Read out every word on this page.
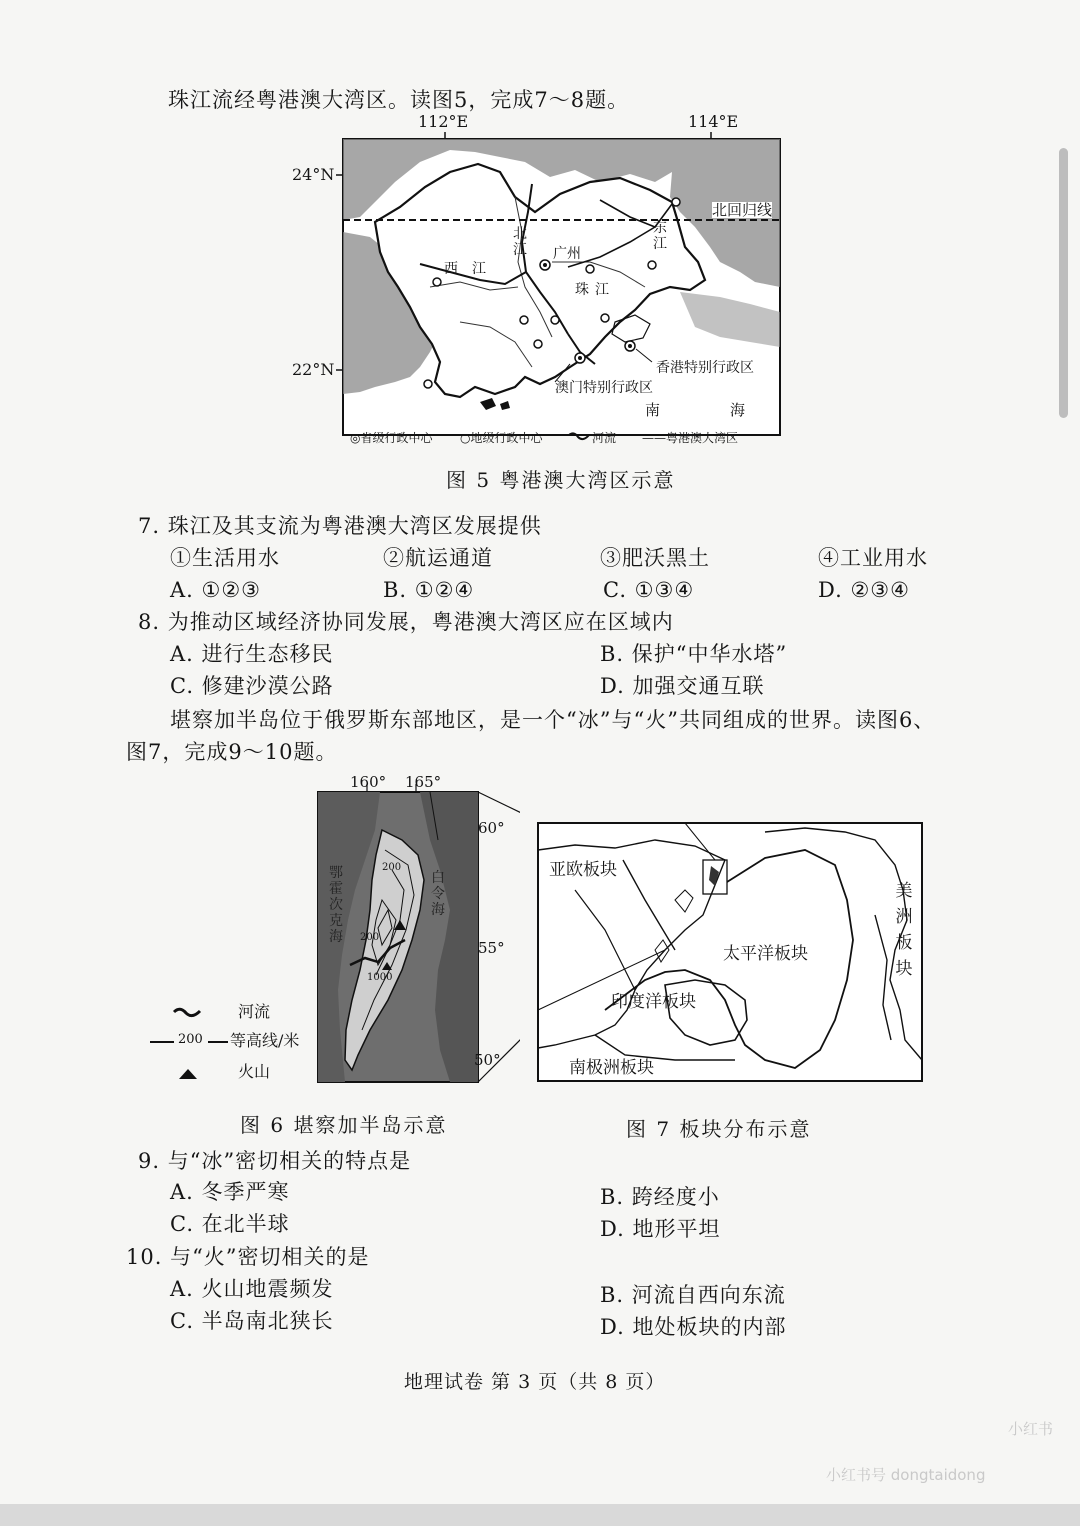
珠江流经粤港澳大湾区。读图5，完成7～8题。
112°E	114°E
24°N
22°N
北回归线
北江
东江
西江
珠江
广州
香港特别行政区
澳门特别行政区
南	海
◎省级行政中心 ○地级行政中心	河流 ——粤港澳大湾区
图 5 粤港澳大湾区示意
7. 珠江及其支流为粤港澳大湾区发展提供
①生活用水	②航运通道	③肥沃黑土	④工业用水
A. ①②③	B. ①②④	C. ①③④	D. ②③④
8. 为推动区域经济协同发展，粤港澳大湾区应在区域内
A. 进行生态移民	B. 保护“中华水塔”
C. 修建沙漠公路	D. 加强交通互联
堪察加半岛位于俄罗斯东部地区，是一个“冰”与“火”共同组成的世界。读图6、
图7，完成9～10题。
160° 165°
60°
55°
50°
200
200
1000
鄂霍次克海
白令海
河流
200 等高线/米
火山
亚欧板块
太平洋板块
印度洋板块
南极洲板块
美洲板块
图 6 堪察加半岛示意	图 7 板块分布示意
9. 与“冰”密切相关的特点是
A. 冬季严寒	B. 跨经度小
C. 在北半球	D. 地形平坦
10. 与“火”密切相关的是
A. 火山地震频发	B. 河流自西向东流
C. 半岛南北狭长	D. 地处板块的内部
地理试卷 第 3 页（共 8 页）
小红书
小红书号 dongtaidong
